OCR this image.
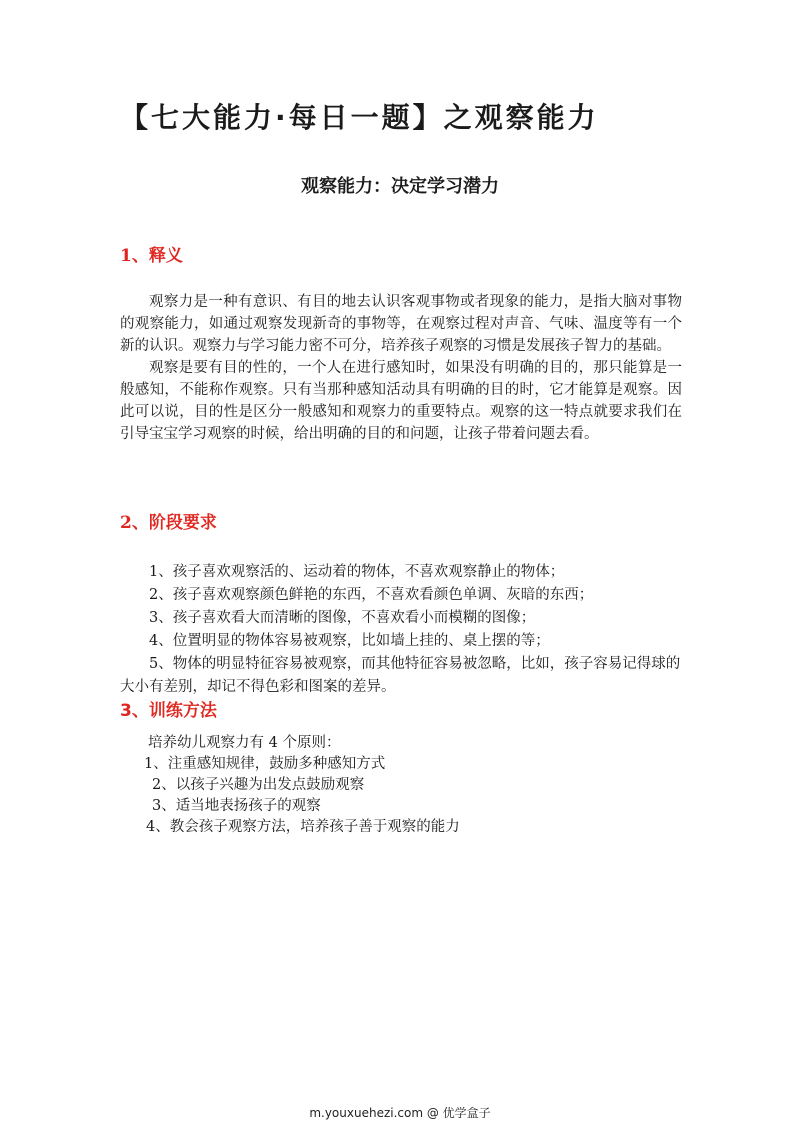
【七大能力·每日一题】之观察能力
观察能力：决定学习潜力
1、释义

观察力是一种有意识、有目的地去认识客观事物或者现象的能力，是指大脑对事物的观察能力，如通过观察发现新奇的事物等，在观察过程对声音、气味、温度等有一个新的认识。观察力与学习能力密不可分，培养孩子观察的习惯是发展孩子智力的基础。

观察是要有目的性的，一个人在进行感知时，如果没有明确的目的，那只能算是一般感知，不能称作观察。只有当那种感知活动具有明确的目的时，它才能算是观察。因此可以说，目的性是区分一般感知和观察力的重要特点。观察的这一特点就要求我们在引导宝宝学习观察的时候，给出明确的目的和问题，让孩子带着问题去看。

2、阶段要求
1、孩子喜欢观察活的、运动着的物体，不喜欢观察静止的物体；
2、孩子喜欢观察颜色鲜艳的东西，不喜欢看颜色单调、灰暗的东西；
3、孩子喜欢看大而清晰的图像，不喜欢看小而模糊的图像；
4、位置明显的物体容易被观察，比如墙上挂的、桌上摆的等；
5、物体的明显特征容易被观察，而其他特征容易被忽略，比如，孩子容易记得球的大小有差别，却记不得色彩和图案的差异。
3、训练方法
培养幼儿观察力有 4 个原则：
1、注重感知规律，鼓励多种感知方式
2、以孩子兴趣为出发点鼓励观察
3、适当地表扬孩子的观察
4、教会孩子观察方法，培养孩子善于观察的能力
m.youxuehezi.com @ 优学盒子
